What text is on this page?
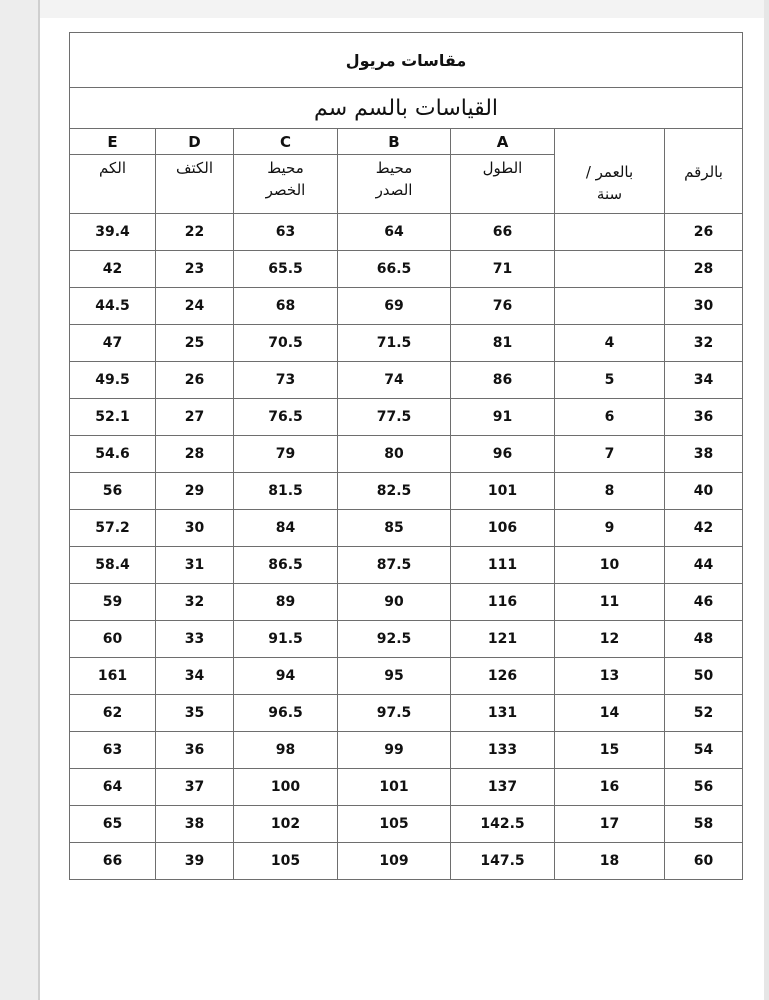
مقاسات مريول						
القياسات بالسم سم						
E	D	C	B	A	بالعمر / سنة	بالرقم
الكم	الكتف	محيط الخصر	محيط الصدر	الطول		
39.4	22	63	64	66		26
42	23	65.5	66.5	71		28
44.5	24	68	69	76		30
47	25	70.5	71.5	81	4	32
49.5	26	73	74	86	5	34
52.1	27	76.5	77.5	91	6	36
54.6	28	79	80	96	7	38
56	29	81.5	82.5	101	8	40
57.2	30	84	85	106	9	42
58.4	31	86.5	87.5	111	10	44
59	32	89	90	116	11	46
60	33	91.5	92.5	121	12	48
161	34	94	95	126	13	50
62	35	96.5	97.5	131	14	52
63	36	98	99	133	15	54
64	37	100	101	137	16	56
65	38	102	105	142.5	17	58
66	39	105	109	147.5	18	60
